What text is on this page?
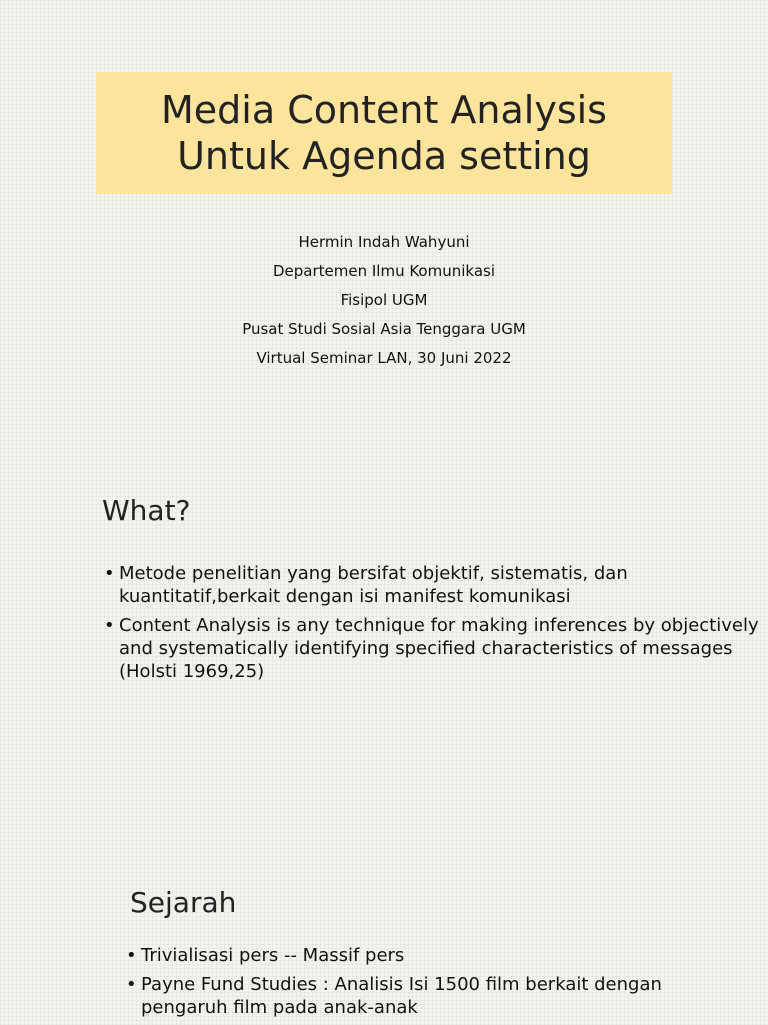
Media Content Analysis
Untuk Agenda setting
Hermin Indah Wahyuni
Departemen Ilmu Komunikasi
Fisipol UGM
Pusat Studi Sosial Asia Tenggara UGM
Virtual Seminar LAN, 30 Juni 2022
What?
• Metode penelitian yang bersifat objektif, sistematis, dan kuantitatif,berkait dengan isi manifest komunikasi
• Content Analysis is any technique for making inferences by objectively and systematically identifying specified characteristics of messages (Holsti 1969,25)
Sejarah
• Trivialisasi pers -- Massif pers
• Payne Fund Studies : Analisis Isi 1500 film berkait dengan pengaruh film pada anak-anak
